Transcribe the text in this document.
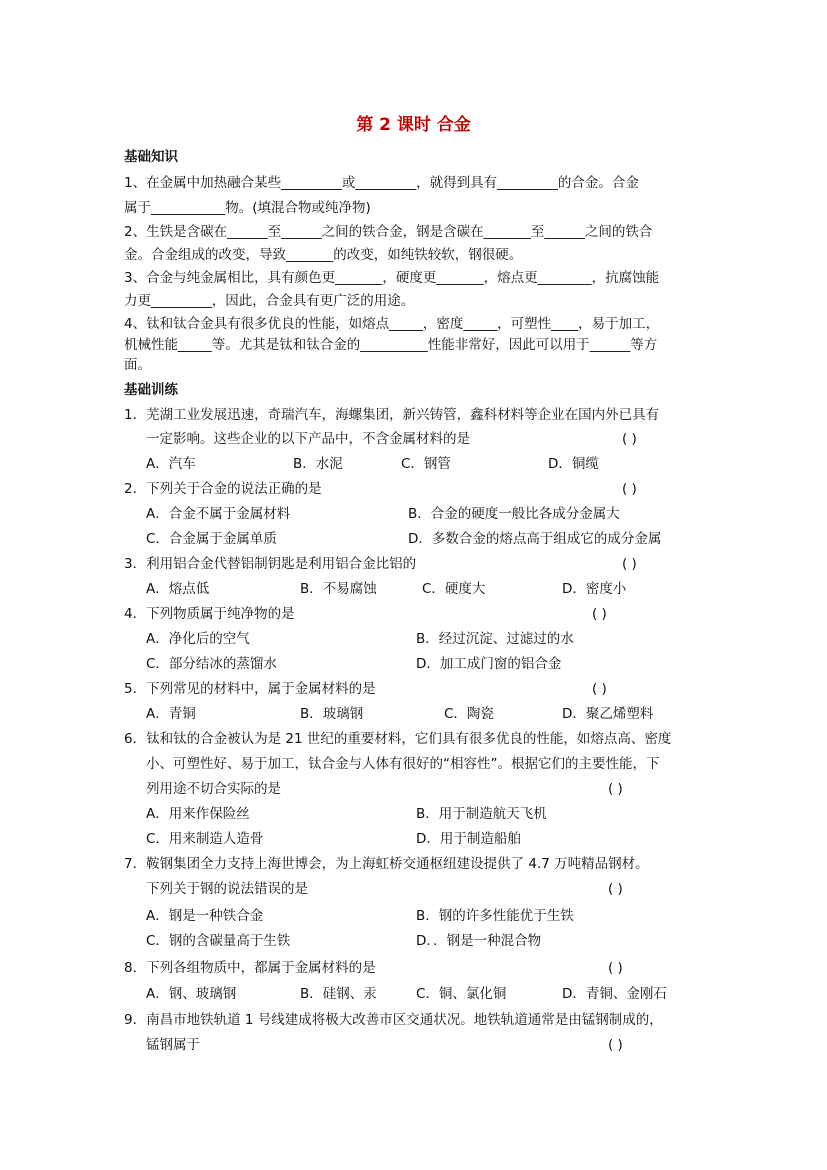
第 2 课时 合金
基础知识
1、在金属中加热融合某些_________或_________，就得到具有_________的合金。合金
属于___________物。(填混合物或纯净物)
2、生铁是含碳在______至______之间的铁合金，钢是含碳在_______至______之间的铁合
金。合金组成的改变，导致_______的改变，如纯铁较软，钢很硬。
3、合金与纯金属相比，具有颜色更_______，硬度更_______，熔点更________，抗腐蚀能
力更_________，因此，合金具有更广泛的用途。
4、钛和钛合金具有很多优良的性能，如熔点_____，密度_____，可塑性____，易于加工，
机械性能_____等。尤其是钛和钛合金的__________性能非常好，因此可以用于______等方
面。
基础训练
1．芜湖工业发展迅速，奇瑞汽车，海螺集团，新兴铸管，鑫科材料等企业在国内外已具有
一定影响。这些企业的以下产品中，不含金属材料的是	( )
A．汽车	B．水泥	C．钢管	D．铜缆
2．下列关于合金的说法正确的是	( )
A．合金不属于金属材料	B．合金的硬度一般比各成分金属大
C．合金属于金属单质	D．多数合金的熔点高于组成它的成分金属
3．利用铝合金代替铝制钥匙是利用铝合金比铝的	( )
A．熔点低	B．不易腐蚀	C．硬度大	D．密度小
4．下列物质属于纯净物的是	( )
A．净化后的空气	B．经过沉淀、过滤过的水
C．部分结冰的蒸馏水	D．加工成门窗的铝合金
5．下列常见的材料中，属于金属材料的是	( )
A．青铜	B．玻璃钢	C．陶瓷	D．聚乙烯塑料
6．钛和钛的合金被认为是 21 世纪的重要材料，它们具有很多优良的性能，如熔点高、密度
小、可塑性好、易于加工，钛合金与人体有很好的“相容性”。根据它们的主要性能，下
列用途不切合实际的是	( )
A．用来作保险丝	B．用于制造航天飞机
C．用来制造人造骨	D．用于制造船舶
7．鞍钢集团全力支持上海世博会，为上海虹桥交通枢纽建设提供了 4.7 万吨精品钢材。
下列关于钢的说法错误的是	( )
A．钢是一种铁合金	B．钢的许多性能优于生铁
C．钢的含碳量高于生铁	D．．钢是一种混合物
8．下列各组物质中，都属于金属材料的是	( )
A．钢、玻璃钢	B．硅钢、汞	C．铜、氯化铜	D．青铜、金刚石
9．南昌市地铁轨道 1 号线建成将极大改善市区交通状况。地铁轨道通常是由锰钢制成的，
锰钢属于	( )
